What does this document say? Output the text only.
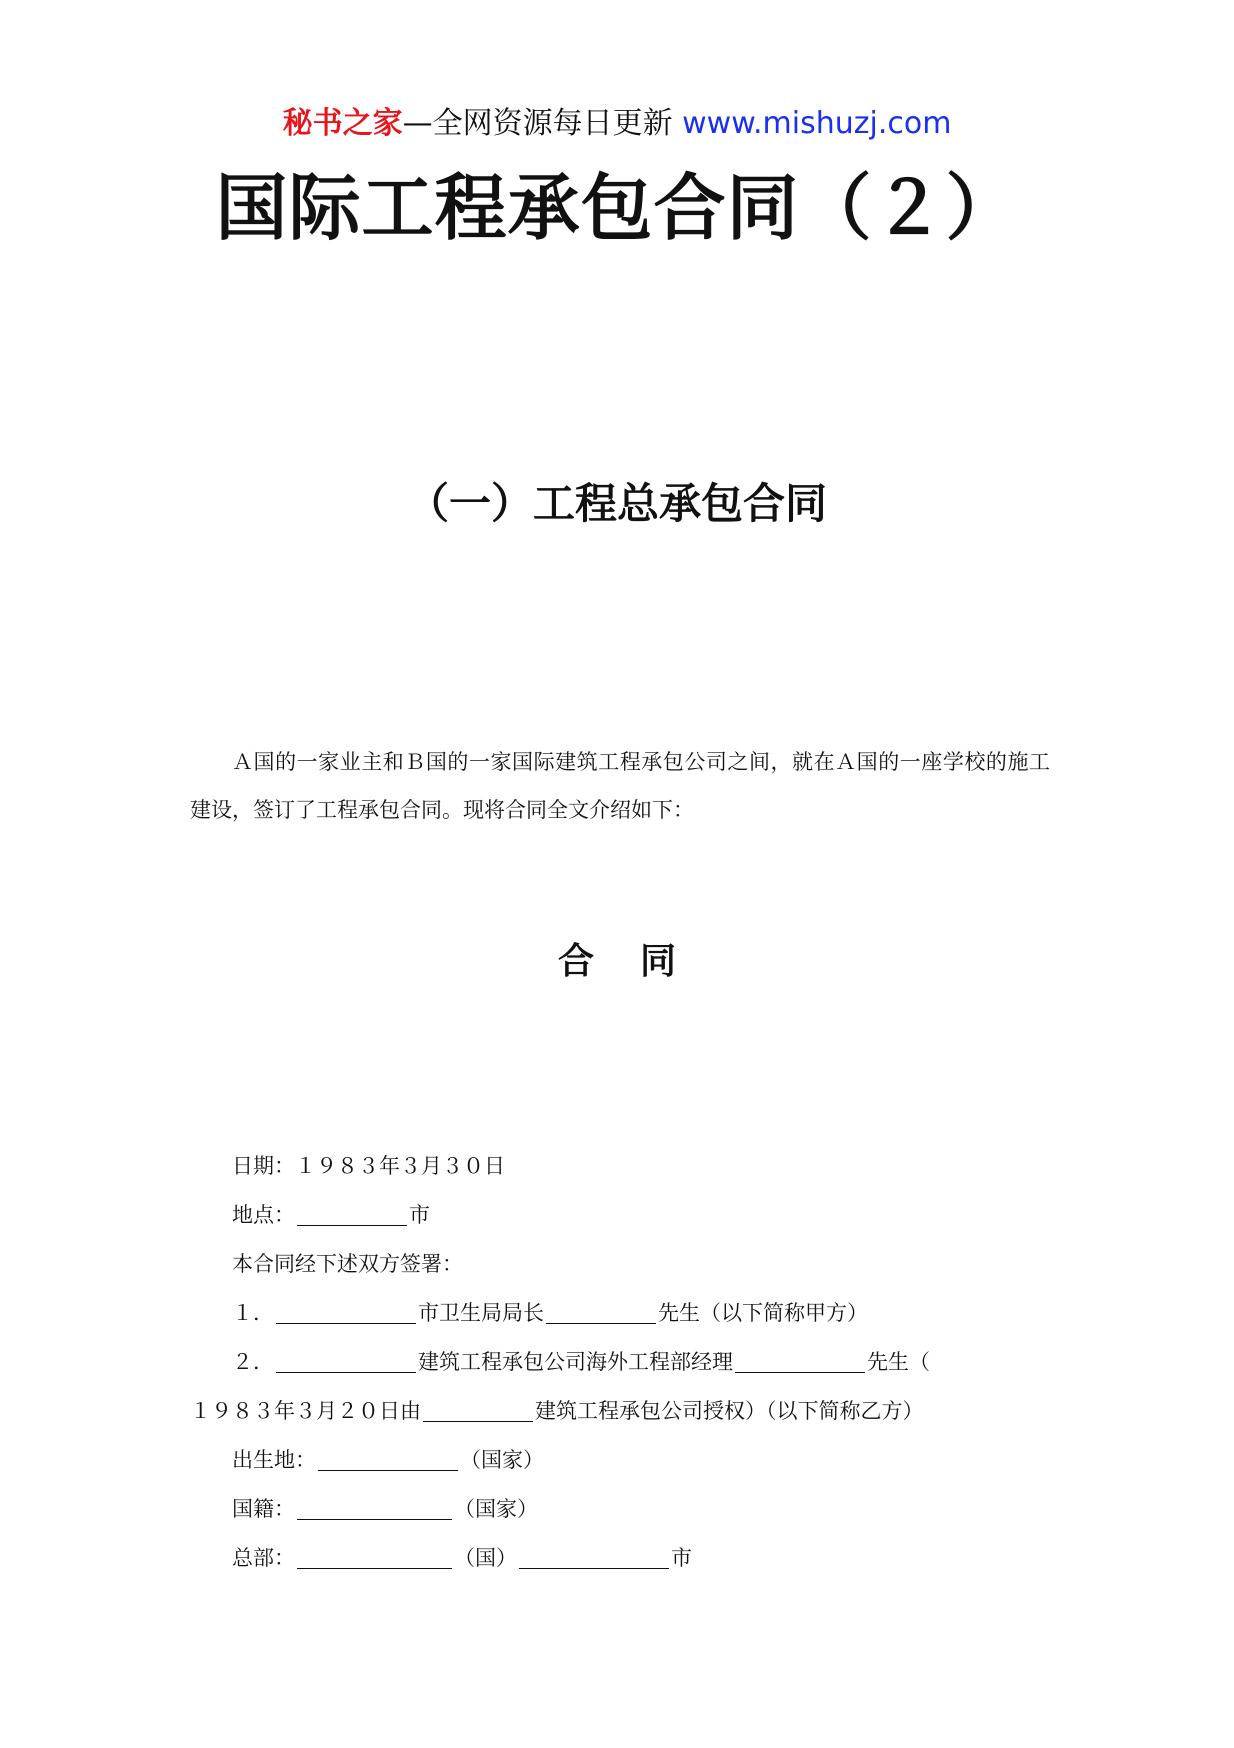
秘书之家—全网资源每日更新 www.mishuzj.com
国际工程承包合同（２）
（一）工程总承包合同

Ａ国的一家业主和Ｂ国的一家国际建筑工程承包公司之间，就在Ａ国的一座学校的施工建设，签订了工程承包合同。现将合同全文介绍如下：

合 同
日期：１９８３年３月３０日
地点：	市
本合同经下述双方签署：
１．	市卫生局局长	先生（以下简称甲方）
２．	建筑工程承包公司海外工程部经理	先生（
１９８３年３月２０日由	建筑工程承包公司授权）（以下简称乙方）
出生地：	（国家）
国籍：	（国家）
总部：	（国）	市
